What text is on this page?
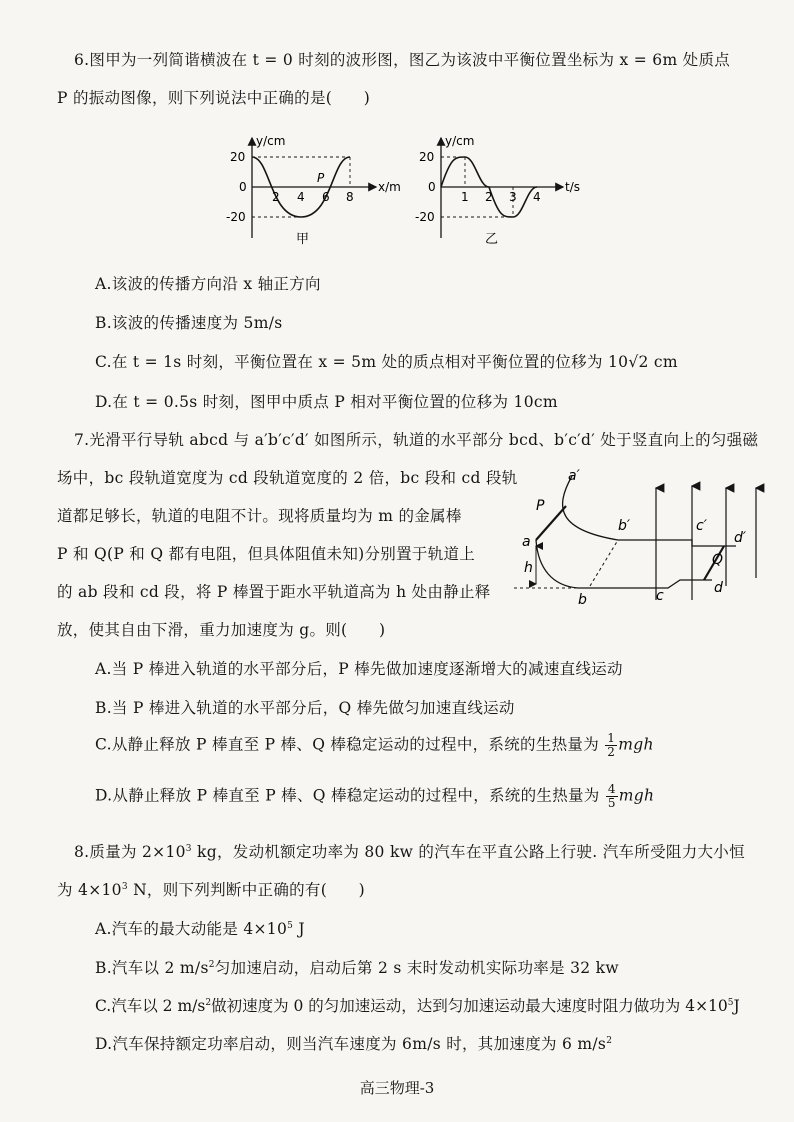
6.图甲为一列简谐横波在 t = 0 时刻的波形图，图乙为该波中平衡位置坐标为 x = 6m 处质点
P 的振动图像，则下列说法中正确的是(　　)
20
0
-20
2 4 6 8
P
y/cm
x/m
甲
20
0
-20
1 2 3 4
y/cm
t/s
乙
A.该波的传播方向沿 x 轴正方向
B.该波的传播速度为 5m/s
C.在 t = 1s 时刻，平衡位置在 x = 5m 处的质点相对平衡位置的位移为 10√2 cm
D.在 t = 0.5s 时刻，图甲中质点 P 相对平衡位置的位移为 10cm
7.光滑平行导轨 abcd 与 a′b′c′d′ 如图所示，轨道的水平部分 bcd、b′c′d′ 处于竖直向上的匀强磁
场中，bc 段轨道宽度为 cd 段轨道宽度的 2 倍，bc 段和 cd 段轨
道都足够长，轨道的电阻不计。现将质量均为 m 的金属棒
P 和 Q(P 和 Q 都有电阻，但具体阻值未知)分别置于轨道上
的 ab 段和 cd 段，将 P 棒置于距水平轨道高为 h 处由静止释
放，使其自由下滑，重力加速度为 g。则(　　)
a′
P
b′	c′
d′
a
h	Q
b	c	d
A.当 P 棒进入轨道的水平部分后，P 棒先做加速度逐渐增大的减速直线运动
B.当 P 棒进入轨道的水平部分后，Q 棒先做匀加速直线运动
C.从静止释放 P 棒直至 P 棒、Q 棒稳定运动的过程中，系统的生热量为 $\frac{1}{2}$ mgh
D.从静止释放 P 棒直至 P 棒、Q 棒稳定运动的过程中，系统的生热量为 $\frac{4}{5}$ mgh
8.质量为 $2\times 10^3$ kg，发动机额定功率为 80 kw 的汽车在平直公路上行驶. 汽车所受阻力大小恒
为 $4\times 10^3$ N，则下列判断中正确的有(　　)
A.汽车的最大动能是 $4\times 10^5$ J
B.汽车以 2 $m/s^2$匀加速启动，启动后第 2 s 末时发动机实际功率是 32 kw
C.汽车以 2 $m/s^2$做初速度为 0 的匀加速运动，达到匀加速运动最大速度时阻力做功为 $4\times 10^5J$
D.汽车保持额定功率启动，则当汽车速度为 6m/s 时，其加速度为 6 $m/s^2$
高三物理-3
